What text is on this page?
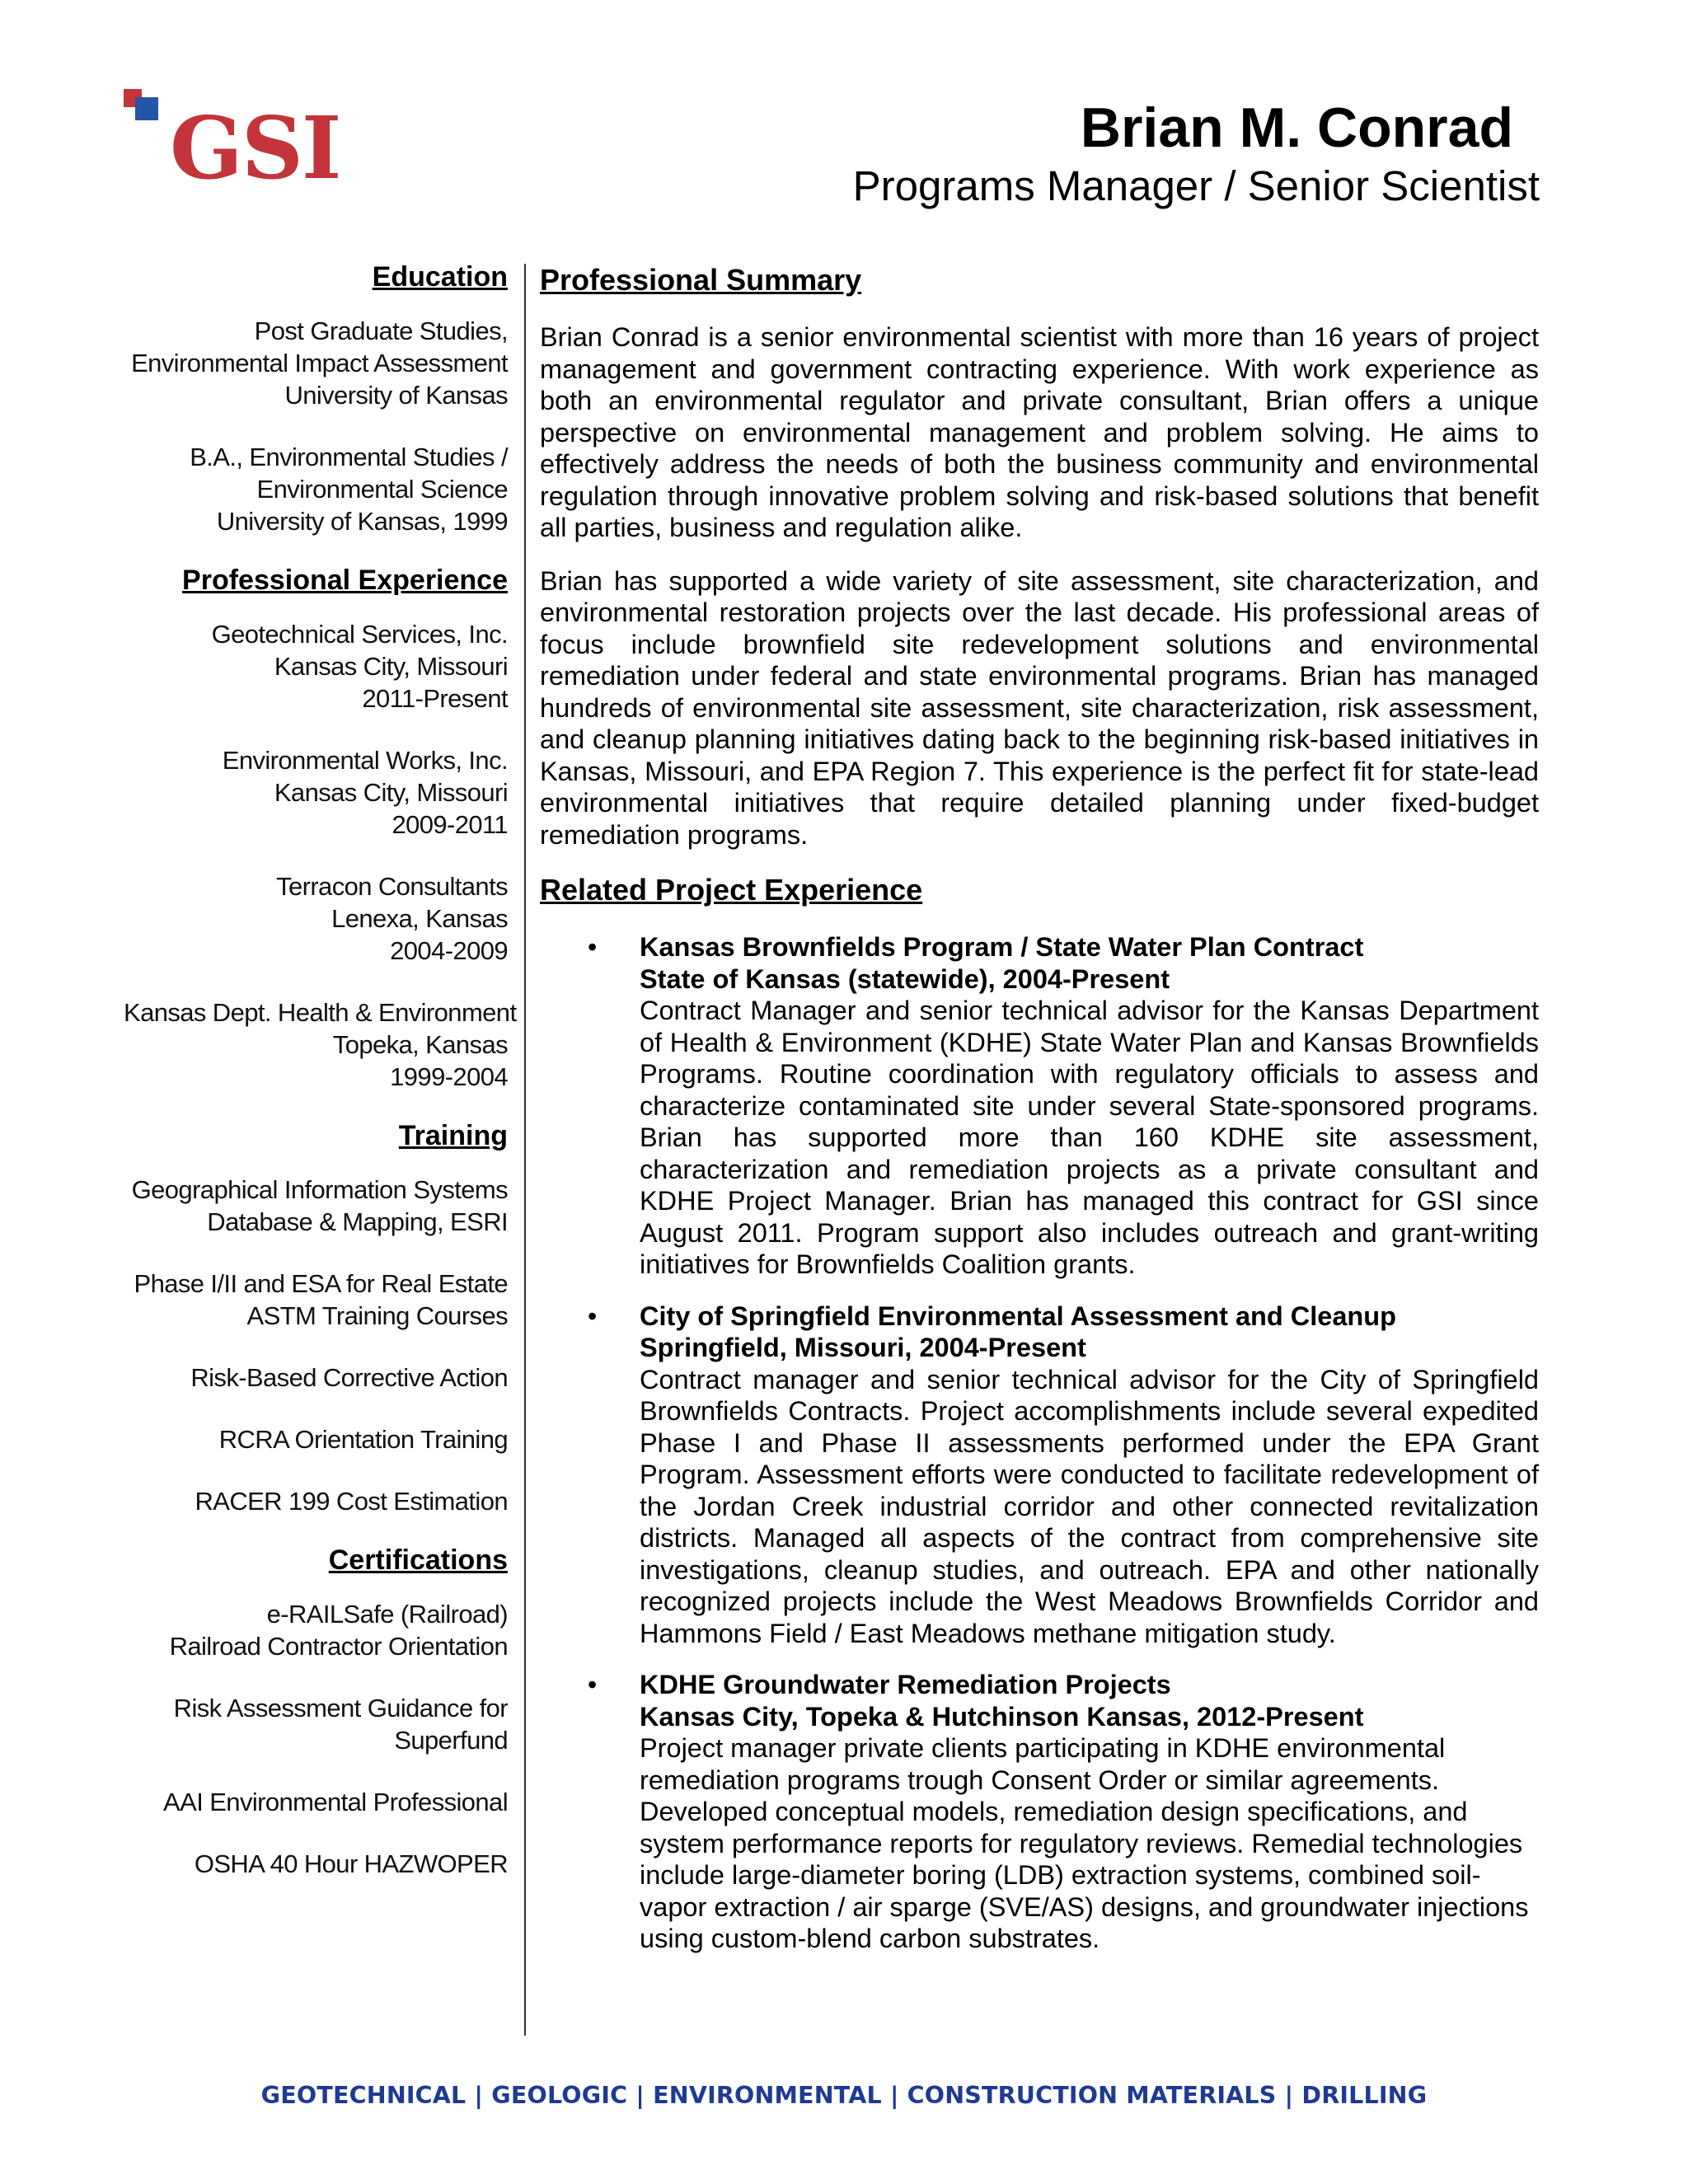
GSI	Brian M. Conrad
Programs Manager / Senior Scientist
Education
Post Graduate Studies,
Environmental Impact Assessment
University of Kansas
B.A., Environmental Studies /
Environmental Science
University of Kansas, 1999
Professional Experience
Geotechnical Services, Inc.
Kansas City, Missouri
2011-Present
Environmental Works, Inc.
Kansas City, Missouri
2009-2011
Terracon Consultants
Lenexa, Kansas
2004-2009
Kansas Dept. Health & Environment
Topeka, Kansas
1999-2004
Training
Geographical Information Systems
Database & Mapping, ESRI
Phase I/II and ESA for Real Estate
ASTM Training Courses
Risk-Based Corrective Action
RCRA Orientation Training
RACER 199 Cost Estimation
Certifications
e-RAILSafe (Railroad)
Railroad Contractor Orientation
Risk Assessment Guidance for
Superfund
AAI Environmental Professional
OSHA 40 Hour HAZWOPER
Professional Summary

Brian Conrad is a senior environmental scientist with more than 16 years of project management and government contracting experience. With work experience as both an environmental regulator and private consultant, Brian offers a unique perspective on environmental management and problem solving. He aims to effectively address the needs of both the business community and environmental regulation through innovative problem solving and risk-based solutions that benefit all parties, business and regulation alike.

Brian has supported a wide variety of site assessment, site characterization, and environmental restoration projects over the last decade. His professional areas of focus include brownfield site redevelopment solutions and environmental remediation under federal and state environmental programs. Brian has managed hundreds of environmental site assessment, site characterization, risk assessment, and cleanup planning initiatives dating back to the beginning risk-based initiatives in Kansas, Missouri, and EPA Region 7. This experience is the perfect fit for state-lead environmental initiatives that require detailed planning under fixed-budget remediation programs.

Related Project Experience
• Kansas Brownfields Program / State Water Plan Contract
State of Kansas (statewide), 2004-Present
Contract Manager and senior technical advisor for the Kansas Department of Health & Environment (KDHE) State Water Plan and Kansas Brownfields Programs. Routine coordination with regulatory officials to assess and characterize contaminated site under several State-sponsored programs. Brian has supported more than 160 KDHE site assessment, characterization and remediation projects as a private consultant and KDHE Project Manager. Brian has managed this contract for GSI since August 2011. Program support also includes outreach and grant-writing initiatives for Brownfields Coalition grants.
• City of Springfield Environmental Assessment and Cleanup
Springfield, Missouri, 2004-Present
Contract manager and senior technical advisor for the City of Springfield Brownfields Contracts. Project accomplishments include several expedited Phase I and Phase II assessments performed under the EPA Grant Program. Assessment efforts were conducted to facilitate redevelopment of the Jordan Creek industrial corridor and other connected revitalization districts. Managed all aspects of the contract from comprehensive site investigations, cleanup studies, and outreach. EPA and other nationally recognized projects include the West Meadows Brownfields Corridor and Hammons Field / East Meadows methane mitigation study.
• KDHE Groundwater Remediation Projects
Kansas City, Topeka & Hutchinson Kansas, 2012-Present
Project manager private clients participating in KDHE environmental remediation programs trough Consent Order or similar agreements. Developed conceptual models, remediation design specifications, and system performance reports for regulatory reviews. Remedial technologies include large-diameter boring (LDB) extraction systems, combined soil-vapor extraction / air sparge (SVE/AS) designs, and groundwater injections using custom-blend carbon substrates.
GEOTECHNICAL | GEOLOGIC | ENVIRONMENTAL | CONSTRUCTION MATERIALS | DRILLING
